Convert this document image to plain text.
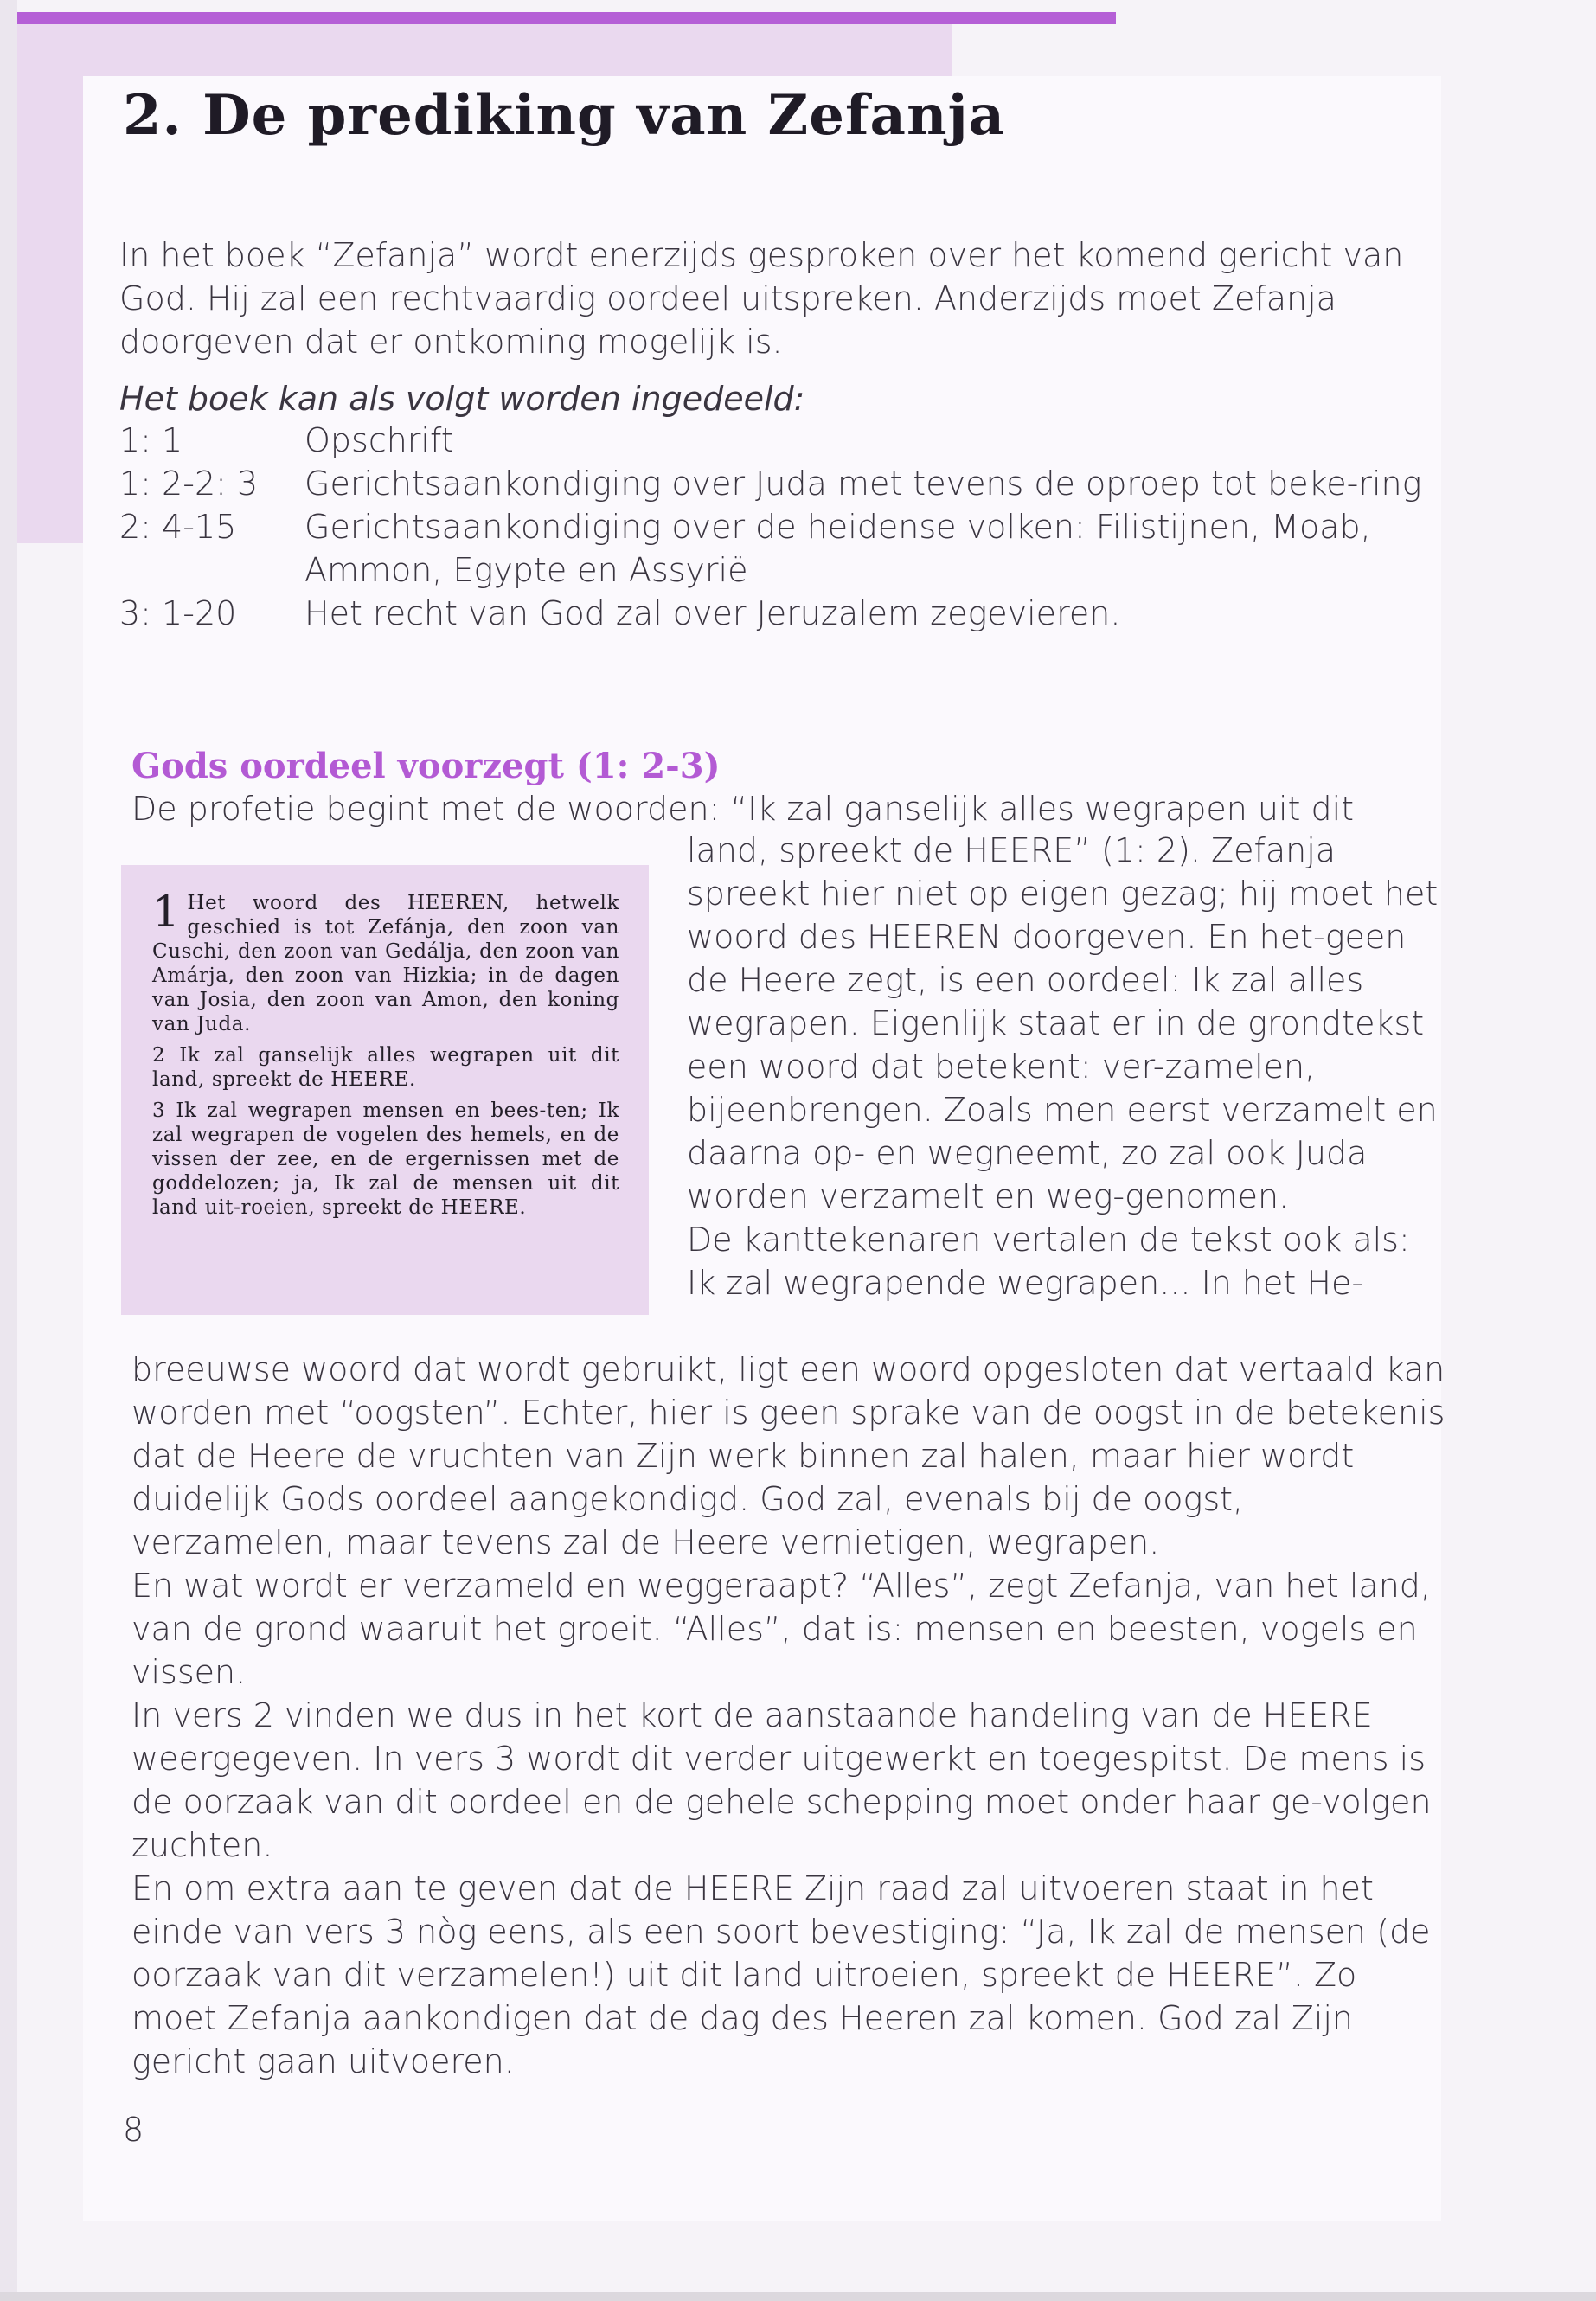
2. De prediking van Zefanja

In het boek “Zefanja” wordt enerzijds gesproken over het komend gericht van God. Hij zal een rechtvaardig oordeel uitspreken. Anderzijds moet Zefanja doorgeven dat er ontkoming mogelijk is.

Het boek kan als volgt worden ingedeeld:

1: 1	Opschrift
1: 2-2: 3	Gerichtsaankondiging over Juda met tevens de oproep tot beke-ring
2: 4-15	Gerichtsaankondiging over de heidense volken: Filistijnen, Moab, Ammon, Egypte en Assyrië
3: 1-20	Het recht van God zal over Jeruzalem zegevieren.
Gods oordeel voorzegt (1: 2-3)

De profetie begint met de woorden: “Ik zal ganselijk alles wegrapen uit dit

1 Het woord des HEEREN, hetwelk geschied is tot Zefánja, den zoon van Cuschi, den zoon van Gedálja, den zoon van Amárja, den zoon van Hizkia; in de dagen van Josia, den zoon van Amon, den koning van Juda.

2 Ik zal ganselijk alles wegrapen uit dit land, spreekt de HEERE.

3 Ik zal wegrapen mensen en bees-ten; Ik zal wegrapen de vogelen des hemels, en de vissen der zee, en de ergernissen met de goddelozen; ja, Ik zal de mensen uit dit land uit-roeien, spreekt de HEERE.

land, spreekt de HEERE” (1: 2). Zefanja spreekt hier niet op eigen gezag; hij moet het woord des HEEREN doorgeven. En het-geen de Heere zegt, is een oordeel: Ik zal alles wegrapen. Eigenlijk staat er in de grondtekst een woord dat betekent: ver-zamelen, bijeenbrengen. Zoals men eerst verzamelt en daarna op- en wegneemt, zo zal ook Juda worden verzamelt en weg-genomen.
De kanttekenaren vertalen de tekst ook als: Ik zal wegrapende wegrapen... In het He-

breeuwse woord dat wordt gebruikt, ligt een woord opgesloten dat vertaald kan worden met “oogsten”. Echter, hier is geen sprake van de oogst in de betekenis dat de Heere de vruchten van Zijn werk binnen zal halen, maar hier wordt duidelijk Gods oordeel aangekondigd. God zal, evenals bij de oogst, verzamelen, maar tevens zal de Heere vernietigen, wegrapen.

En wat wordt er verzameld en weggeraapt? “Alles”, zegt Zefanja, van het land, van de grond waaruit het groeit. “Alles”, dat is: mensen en beesten, vogels en vissen.

In vers 2 vinden we dus in het kort de aanstaande handeling van de HEERE weergegeven. In vers 3 wordt dit verder uitgewerkt en toegespitst. De mens is de oorzaak van dit oordeel en de gehele schepping moet onder haar ge-volgen zuchten.

En om extra aan te geven dat de HEERE Zijn raad zal uitvoeren staat in het einde van vers 3 nòg eens, als een soort bevestiging: “Ja, Ik zal de mensen (de oorzaak van dit verzamelen!) uit dit land uitroeien, spreekt de HEERE”. Zo moet Zefanja aankondigen dat de dag des Heeren zal komen. God zal Zijn gericht gaan uitvoeren.

8
